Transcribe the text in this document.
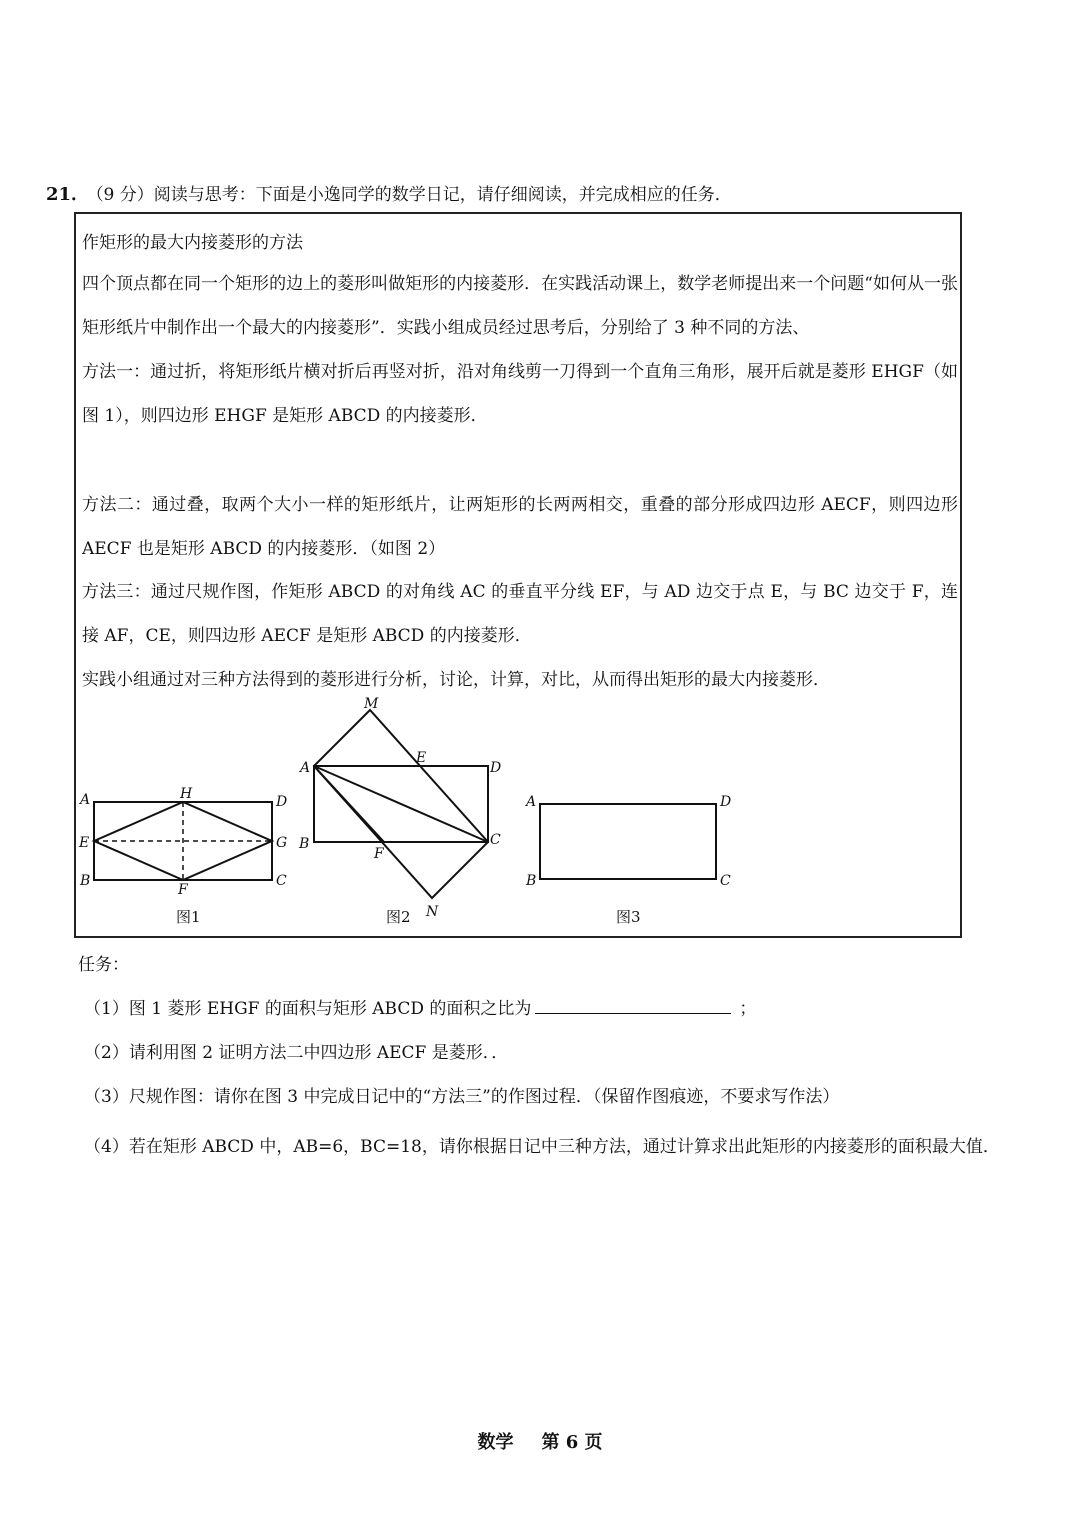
21． （9 分）阅读与思考：下面是小逸同学的数学日记，请仔细阅读，并完成相应的任务．
作矩形的最大内接菱形的方法
四个顶点都在同一个矩形的边上的菱形叫做矩形的内接菱形．在实践活动课上，数学老师提出来一个问题“如何从一张矩形纸片中制作出一个最大的内接菱形”．实践小组成员经过思考后，分别给了 3 种不同的方法、
方法一：通过折，将矩形纸片横对折后再竖对折，沿对角线剪一刀得到一个直角三角形，展开后就是菱形 EHGF（如图 1），则四边形 EHGF 是矩形 ABCD 的内接菱形．
方法二：通过叠，取两个大小一样的矩形纸片，让两矩形的长两两相交，重叠的部分形成四边形 AECF，则四边形 AECF 也是矩形 ABCD 的内接菱形．（如图 2）
方法三：通过尺规作图，作矩形 ABCD 的对角线 AC 的垂直平分线 EF，与 AD 边交于点 E，与 BC 边交于 F，连接 AF，CE，则四边形 AECF 是矩形 ABCD 的内接菱形．
实践小组通过对三种方法得到的菱形进行分析，讨论，计算，对比，从而得出矩形的最大内接菱形．
A	H	D
E	G
B
F
C
图1
M
A
E
D
B
F
C
N
图2
A	D
B	C
图3
任务：
（1）图 1 菱形 EHGF 的面积与矩形 ABCD 的面积之比为	；
（2）请利用图 2 证明方法二中四边形 AECF 是菱形．．
（3）尺规作图：请你在图 3 中完成日记中的“方法三”的作图过程．（保留作图痕迹，不要求写作法）
（4）若在矩形 ABCD 中，AB=6，BC=18，请你根据日记中三种方法，通过计算求出此矩形的内接菱形的面积最大值．
数学 第 6 页
